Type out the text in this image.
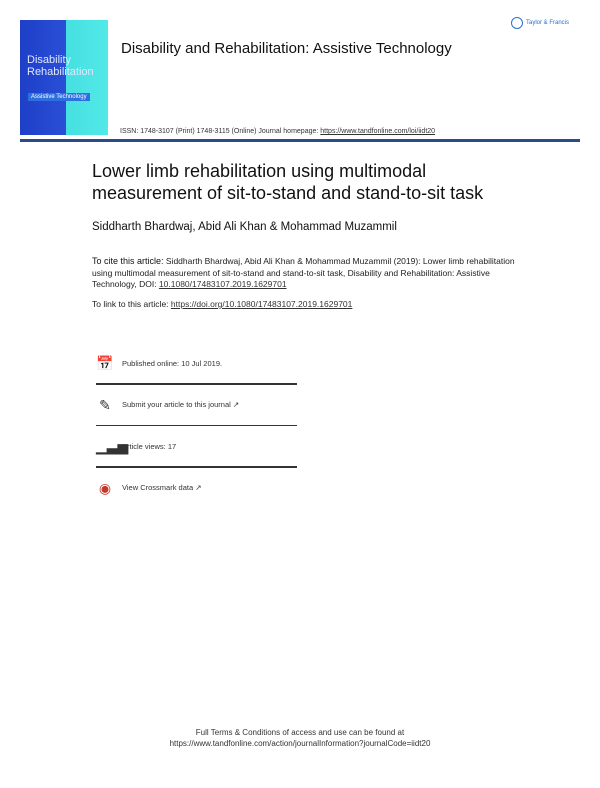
Disability
Rehabilitation
Assistive Technology
Disability and Rehabilitation: Assistive Technology
Taylor & Francis
ISSN: 1748-3107 (Print) 1748-3115 (Online) Journal homepage: https://www.tandfonline.com/loi/iidt20
Lower limb rehabilitation using multimodal measurement of sit-to-stand and stand-to-sit task
Siddharth Bhardwaj, Abid Ali Khan & Mohammad Muzammil
To cite this article: Siddharth Bhardwaj, Abid Ali Khan & Mohammad Muzammil (2019): Lower limb rehabilitation using multimodal measurement of sit-to-stand and stand-to-sit task, Disability and Rehabilitation: Assistive Technology, DOI: 10.1080/17483107.2019.1629701
To link to this article: https://doi.org/10.1080/17483107.2019.1629701
📅 Published online: 10 Jul 2019.
✎	Submit your article to this journal ↗
▁▃▅
Article views: 17
◉	View Crossmark data ↗
Full Terms & Conditions of access and use can be found at
https://www.tandfonline.com/action/journalInformation?journalCode=iidt20
